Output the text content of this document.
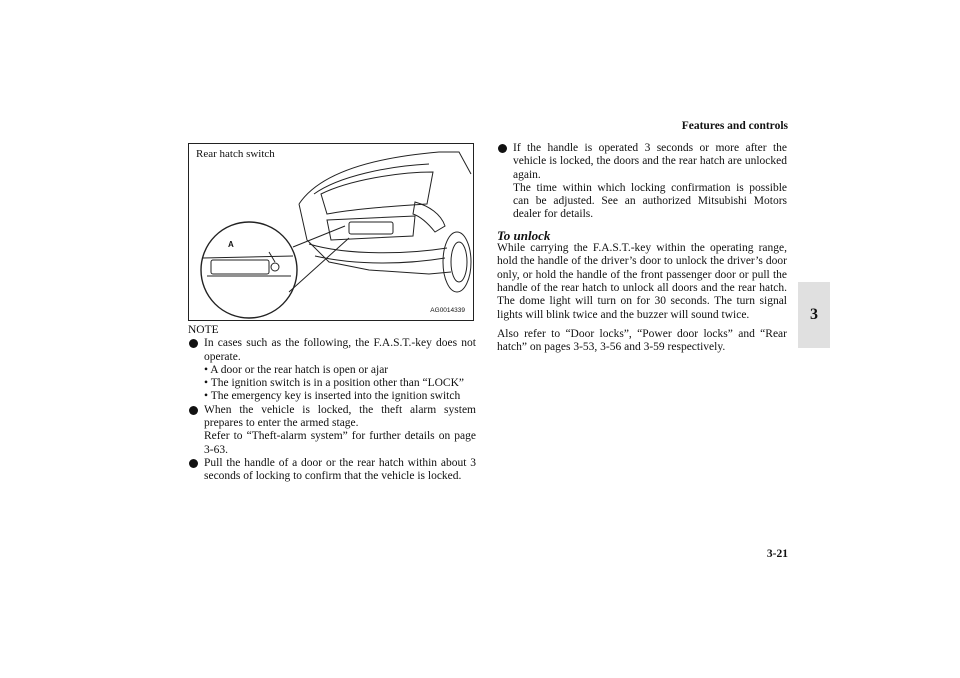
Features and controls
3
3-21
Rear hatch switch
AG0014339
A

NOTE

In cases such as the following, the F.A.S.T.-key does not operate.

• A door or the rear hatch is open or ajar

• The ignition switch is in a position other than “LOCK”

• The emergency key is inserted into the ignition switch

When the vehicle is locked, the theft alarm system prepares to enter the armed stage.

Refer to “Theft-alarm system” for further details on page 3-63.

Pull the handle of a door or the rear hatch within about 3 seconds of locking to confirm that the vehicle is locked.

If the handle is operated 3 seconds or more after the vehicle is locked, the doors and the rear hatch are unlocked again.

The time within which locking confirmation is possible can be adjusted. See an authorized Mitsubishi Motors dealer for details.

To unlock

While carrying the F.A.S.T.-key within the operating range, hold the handle of the driver’s door to unlock the driver’s door only, or hold the handle of the front passenger door or pull the handle of the rear hatch to unlock all doors and the rear hatch. The dome light will turn on for 30 seconds. The turn signal lights will blink twice and the buzzer will sound twice.

Also refer to “Door locks”, “Power door locks” and “Rear hatch” on pages 3-53, 3-56 and 3-59 respectively.
